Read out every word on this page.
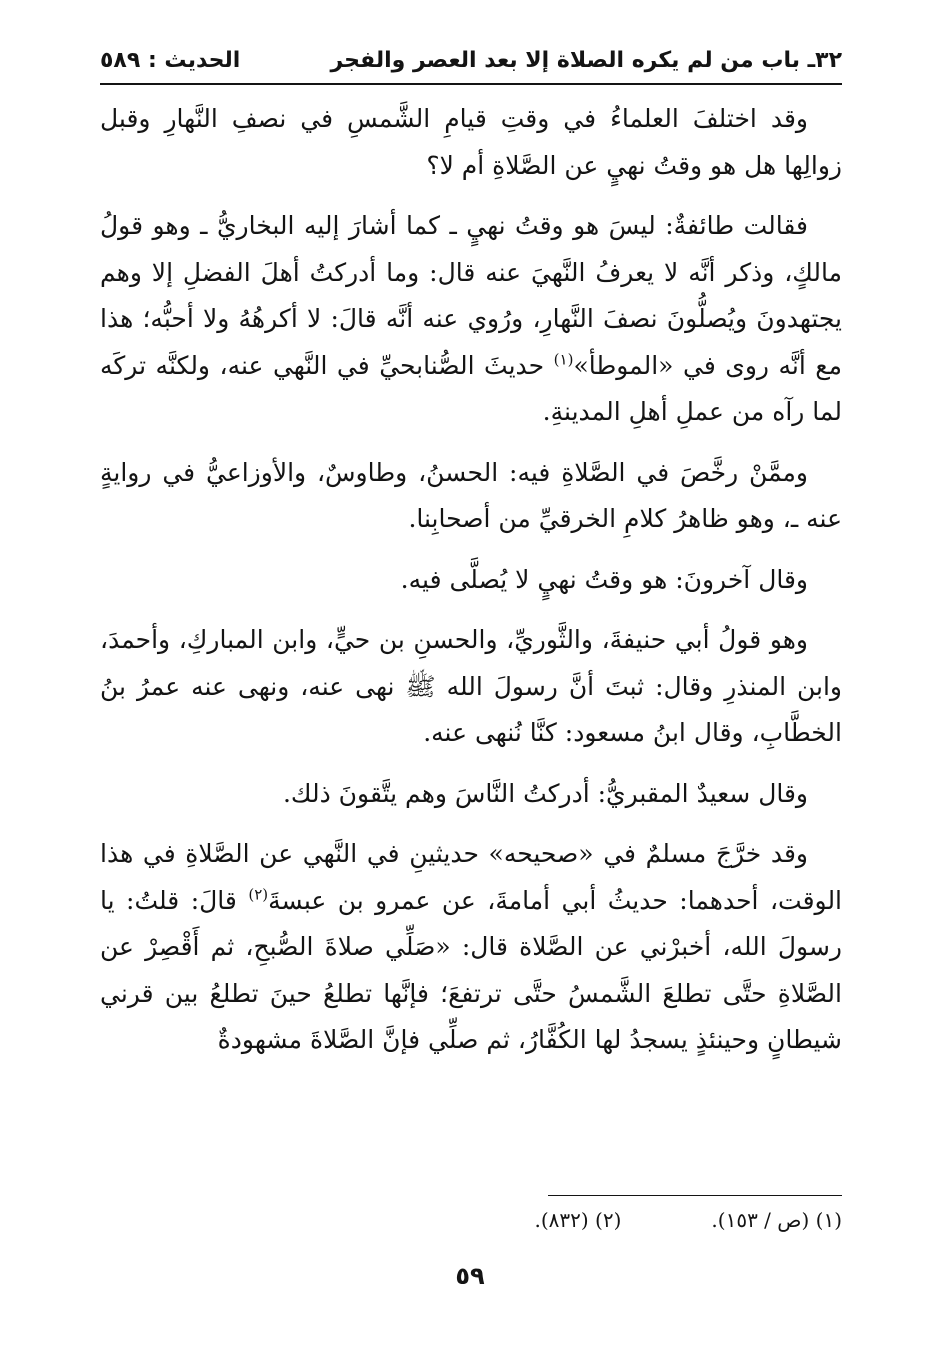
٣٢ـ باب من لم يكره الصلاة إلا بعد العصر والفجر
الحديث : ٥٨٩

وقد اختلفَ العلماءُ في وقتِ قيامِ الشَّمسِ في نصفِ النَّهارِ وقبل زوالِها هل هو وقتُ نهيٍ عن الصَّلاةِ أم لا؟

فقالت طائفةٌ: ليسَ هو وقتُ نهيٍ ـ كما أشارَ إليه البخاريُّ ـ وهو قولُ مالكٍ، وذكر أنَّه لا يعرفُ النَّهيَ عنه قال: وما أدركتُ أهلَ الفضلِ إلا وهم يجتهدونَ ويُصلُّونَ نصفَ النَّهارِ، ورُوي عنه أنَّه قالَ: لا أكرهُهُ ولا أحبُّه؛ هذا مع أنَّه روى في «الموطأ»$^{(١)}$ حديثَ الصُّنابحيِّ في النَّهي عنه، ولكنَّه تركَه لما رآه من عملِ أهلِ المدينةِ.

وممَّنْ رخَّصَ في الصَّلاةِ فيه: الحسنُ، وطاوسٌ، والأوزاعيُّ في روايةٍ عنه ـ، وهو ظاهرُ كلامِ الخرقيِّ من أصحابِنا.

وقال آخرونَ: هو وقتُ نهيٍ لا يُصلَّى فيه.

وهو قولُ أبي حنيفةَ، والثَّوريِّ، والحسنِ بن حيٍّ، وابن المباركِ، وأحمدَ، وابن المنذرِ وقال: ثبتَ أنَّ رسولَ الله ﷺ نهى عنه، ونهى عنه عمرُ بنُ الخطَّابِ، وقال ابنُ مسعود: كنَّا نُنهى عنه.

وقال سعيدٌ المقبريُّ: أدركتُ النَّاسَ وهم يتَّقونَ ذلك.

وقد خرَّجَ مسلمٌ في «صحيحه» حديثينِ في النَّهي عن الصَّلاةِ في هذا الوقت، أحدهما: حديثُ أبي أمامةَ، عن عمرو بن عبسةَ$^{(٢)}$ قالَ: قلتُ: يا رسولَ الله، أخبرْني عن الصَّلاة قال: «صَلِّي صلاةَ الصُّبحِ، ثم أَقْصِرْ عن الصَّلاةِ حتَّى تطلعَ الشَّمسُ حتَّى ترتفعَ؛ فإنَّها تطلعُ حينَ تطلعُ بين قرني شيطانٍ وحينئذٍ يسجدُ لها الكُفَّارُ، ثم صلِّي فإنَّ الصَّلاةَ مشهودةٌ

(١) (ص / ١٥٣).
(٢) (٨٣٢).
٥٩
